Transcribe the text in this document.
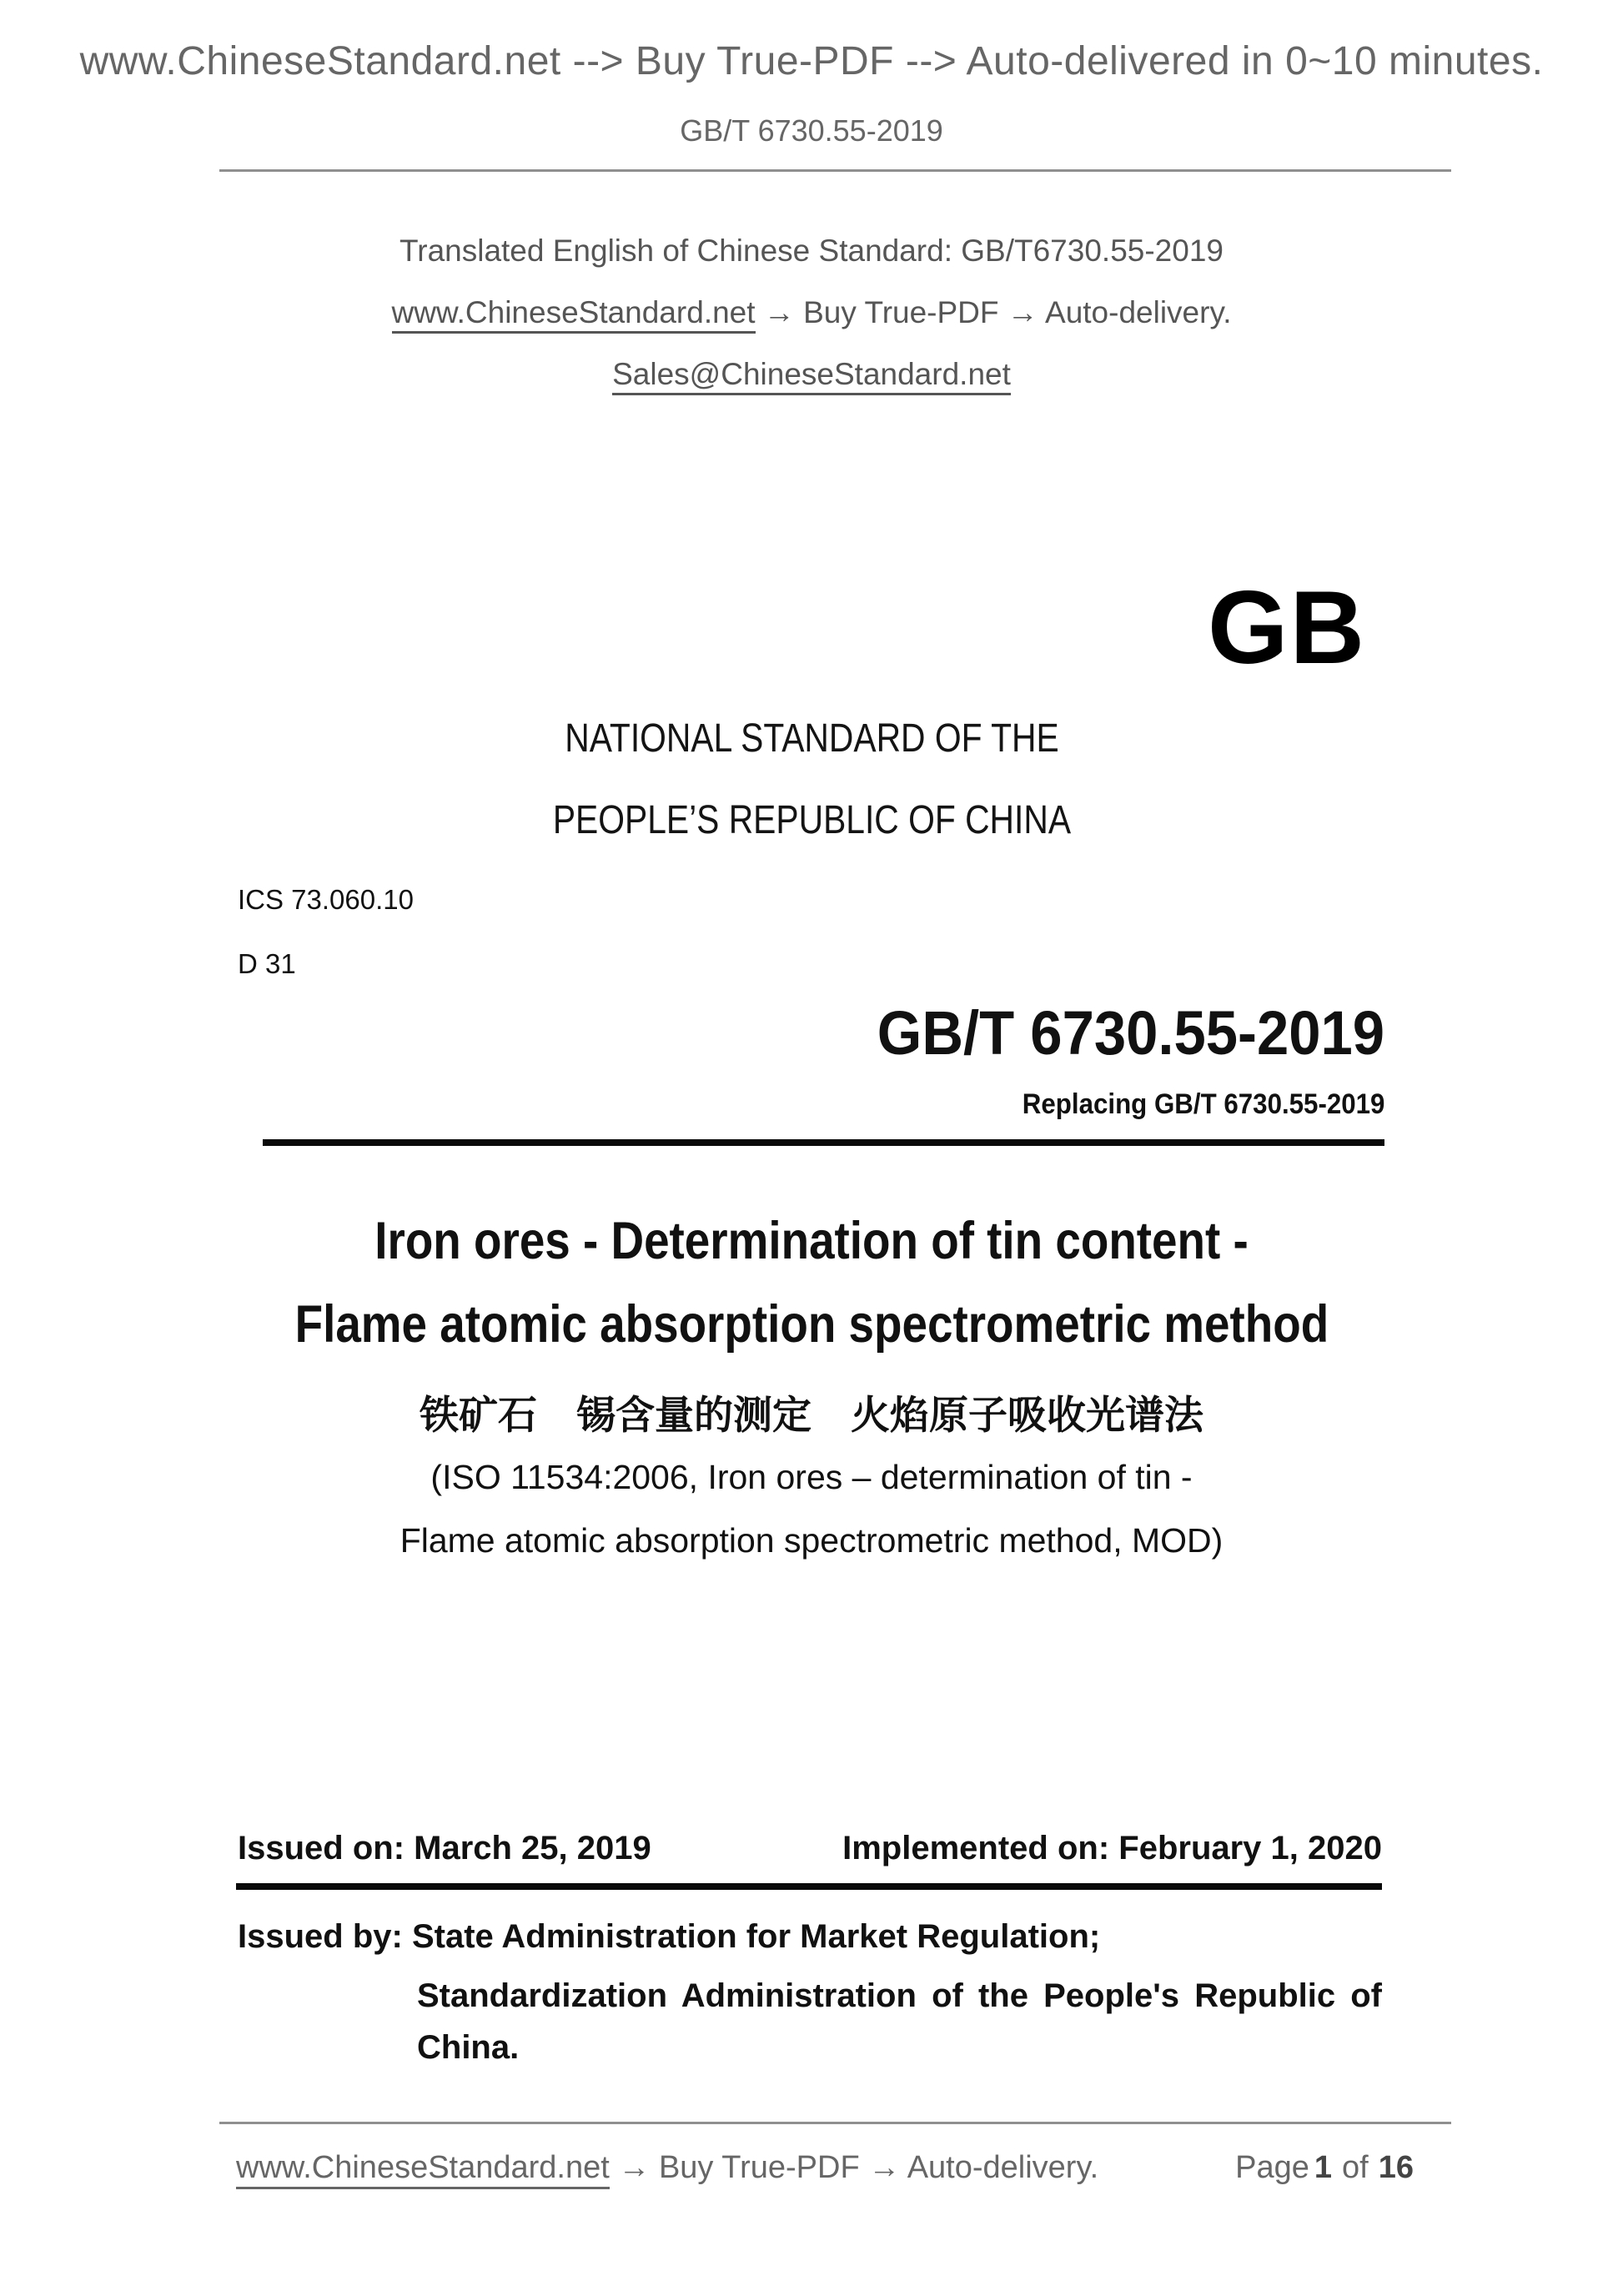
www.ChineseStandard.net --> Buy True-PDF --> Auto-delivered in 0~10 minutes.
GB/T 6730.55-2019
Translated English of Chinese Standard: GB/T6730.55-2019
www.ChineseStandard.net → Buy True-PDF → Auto-delivery.
Sales@ChineseStandard.net
GB
NATIONAL STANDARD OF THE
PEOPLE’S REPUBLIC OF CHINA
ICS 73.060.10
D 31
GB/T 6730.55-2019
Replacing GB/T 6730.55-2019
Iron ores - Determination of tin content -
Flame atomic absorption spectrometric method
铁矿石　锡含量的测定　火焰原子吸收光谱法
(ISO 11534:2006, Iron ores – determination of tin -
Flame atomic absorption spectrometric method, MOD)
Issued on: March 25, 2019	Implemented on: February 1, 2020
Issued by: State Administration for Market Regulation;
Standardization Administration of the People's Republic of
China.
www.ChineseStandard.net → Buy True-PDF → Auto-delivery.	Page 1 of 16
